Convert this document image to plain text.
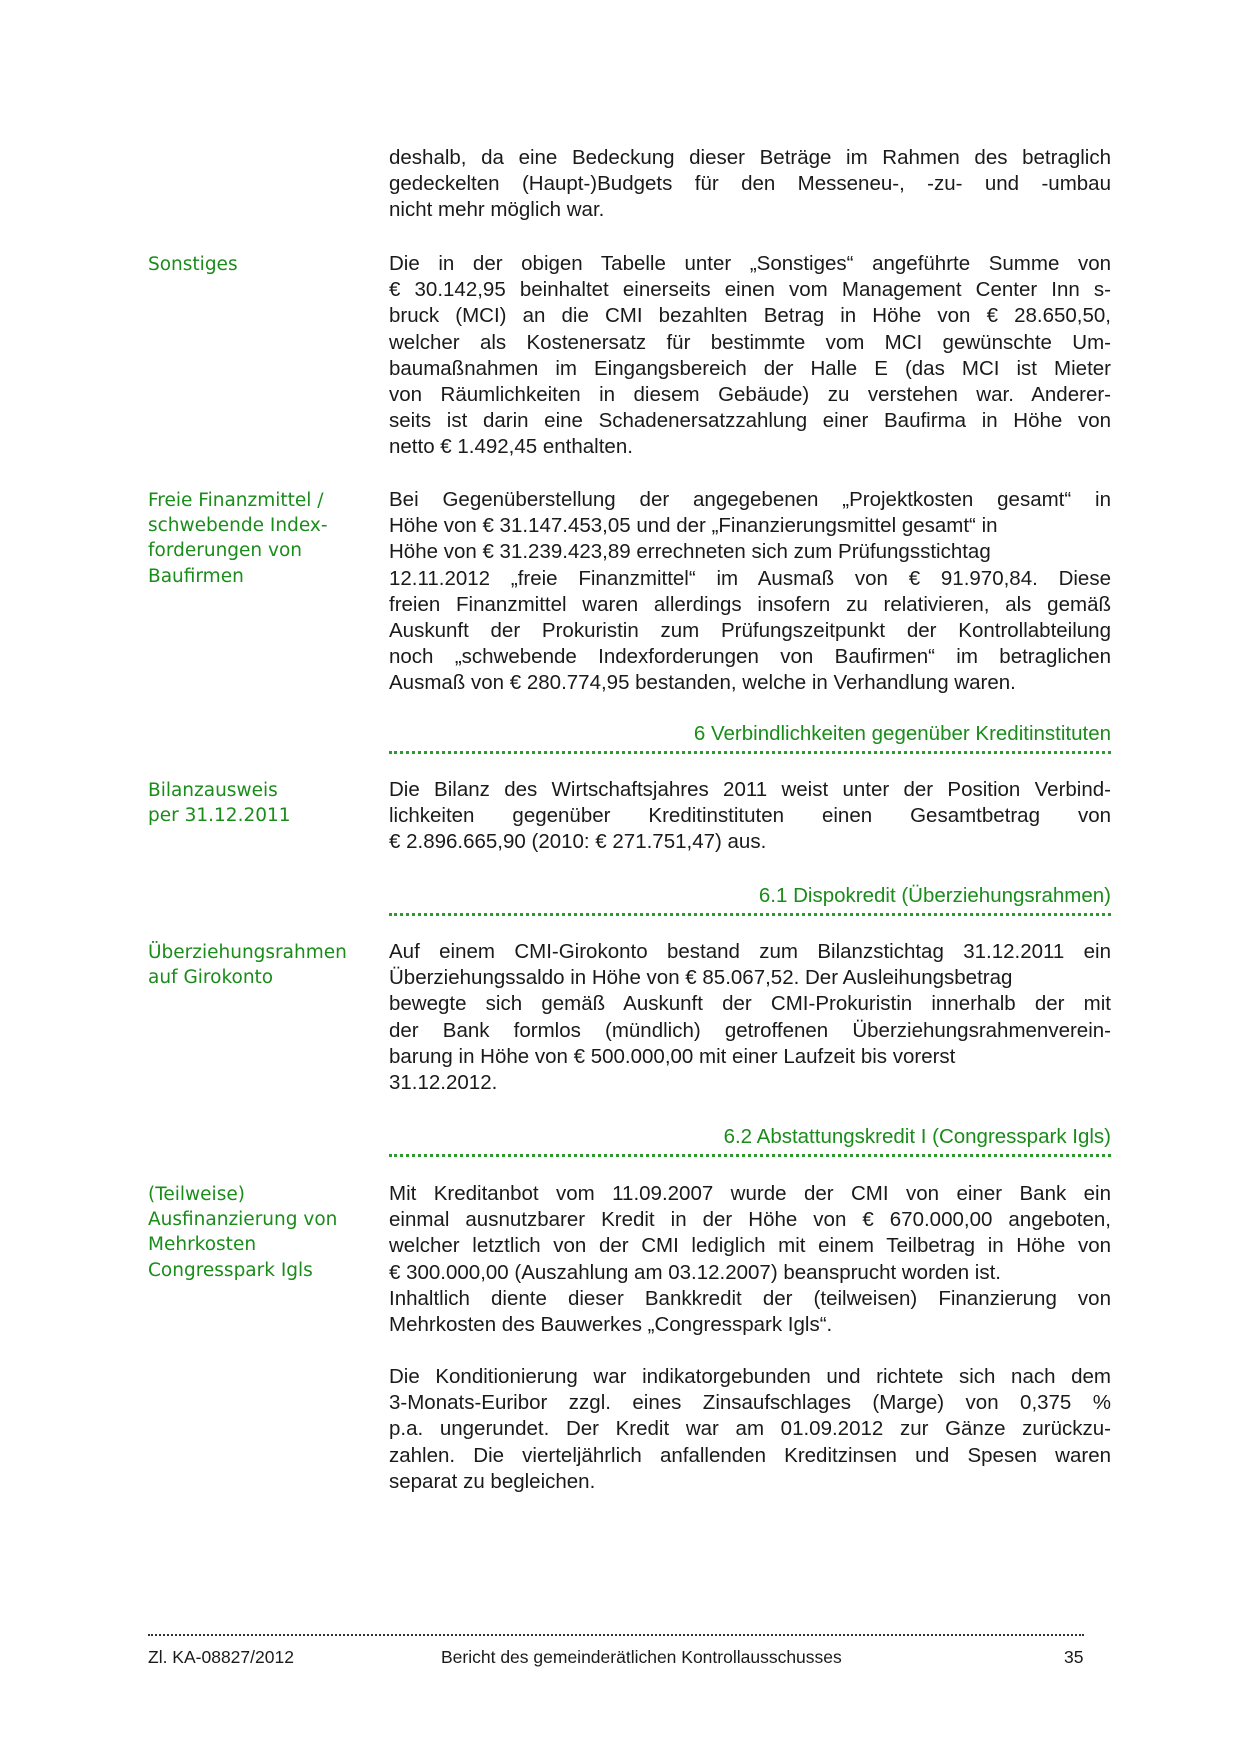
deshalb, da eine Bedeckung dieser Beträge im Rahmen des betraglich
gedeckelten (Haupt-)Budgets für den Messeneu-, -zu- und -umbau
nicht mehr möglich war.
Sonstiges	Die in der obigen Tabelle unter „Sonstiges“ angeführte Summe von
€ 30.142,95 beinhaltet einerseits einen vom Management Center Inn s-
bruck (MCI) an die CMI bezahlten Betrag in Höhe von € 28.650,50,
welcher als Kostenersatz für bestimmte vom MCI gewünschte Um-
baumaßnahmen im Eingangsbereich der Halle E (das MCI ist Mieter
von Räumlichkeiten in diesem Gebäude) zu verstehen war. Anderer-
seits ist darin eine Schadenersatzzahlung einer Baufirma in Höhe von
netto € 1.492,45 enthalten.
Freie Finanzmittel /
schwebende Index-
forderungen von
Baufirmen
Bei Gegenüberstellung der angegebenen „Projektkosten gesamt“ in
Höhe von € 31.147.453,05 und der „Finanzierungsmittel gesamt“ in
Höhe von € 31.239.423,89 errechneten sich zum Prüfungsstichtag
12.11.2012 „freie Finanzmittel“ im Ausmaß von € 91.970,84. Diese
freien Finanzmittel waren allerdings insofern zu relativieren, als gemäß
Auskunft der Prokuristin zum Prüfungszeitpunkt der Kontrollabteilung
noch „schwebende Indexforderungen von Baufirmen“ im betraglichen
Ausmaß von € 280.774,95 bestanden, welche in Verhandlung waren.
6 Verbindlichkeiten gegenüber Kreditinstituten
Bilanzausweis
per 31.12.2011
Die Bilanz des Wirtschaftsjahres 2011 weist unter der Position Verbind-
lichkeiten gegenüber Kreditinstituten einen Gesamtbetrag von
€ 2.896.665,90 (2010: € 271.751,47) aus.
6.1 Dispokredit (Überziehungsrahmen)
Überziehungsrahmen
auf Girokonto
Auf einem CMI-Girokonto bestand zum Bilanzstichtag 31.12.2011 ein
Überziehungssaldo in Höhe von € 85.067,52. Der Ausleihungsbetrag
bewegte sich gemäß Auskunft der CMI-Prokuristin innerhalb der mit
der Bank formlos (mündlich) getroffenen Überziehungsrahmenverein-
barung in Höhe von € 500.000,00 mit einer Laufzeit bis vorerst
31.12.2012.
6.2 Abstattungskredit I (Congresspark Igls)
(Teilweise)
Ausfinanzierung von
Mehrkosten
Congresspark Igls
Mit Kreditanbot vom 11.09.2007 wurde der CMI von einer Bank ein
einmal ausnutzbarer Kredit in der Höhe von € 670.000,00 angeboten,
welcher letztlich von der CMI lediglich mit einem Teilbetrag in Höhe von
€ 300.000,00 (Auszahlung am 03.12.2007) beansprucht worden ist.
Inhaltlich diente dieser Bankkredit der (teilweisen) Finanzierung von
Mehrkosten des Bauwerkes „Congresspark Igls“.
Die Konditionierung war indikatorgebunden und richtete sich nach dem
3-Monats-Euribor zzgl. eines Zinsaufschlages (Marge) von 0,375 %
p.a. ungerundet. Der Kredit war am 01.09.2012 zur Gänze zurückzu-
zahlen. Die vierteljährlich anfallenden Kreditzinsen und Spesen waren
separat zu begleichen.
Zl. KA-08827/2012	Bericht des gemeinderätlichen Kontrollausschusses	35
